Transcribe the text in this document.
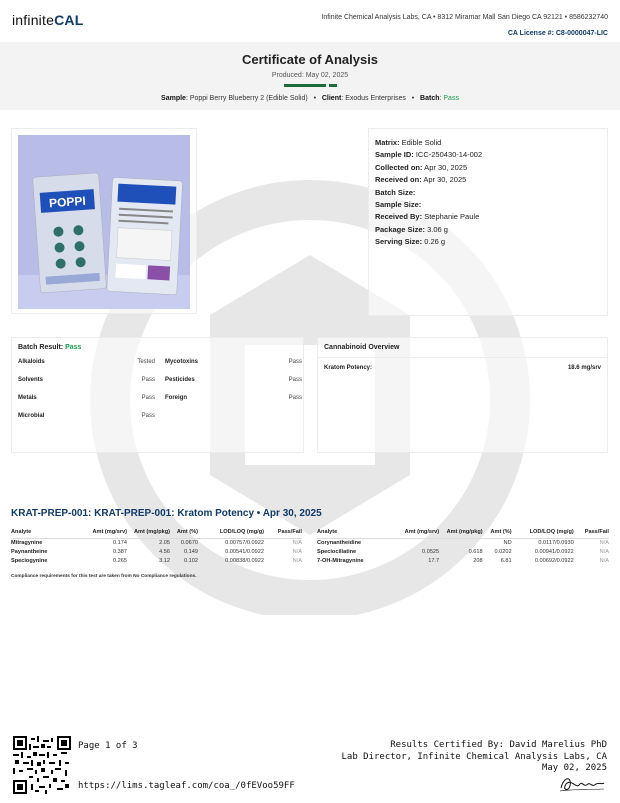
infiniteCAL	Infinite Chemical Analysis Labs, CA • 8312 Miramar Mall San Diego CA 92121 • 8586232740
CA License #: C8-0000047-LIC
Certificate of Analysis
Produced: May 02, 2025
Sample: Poppi Berry Blueberry 2 (Edible Solid) • Client: Exodus Enterprises • Batch: Pass
POPPI
Matrix: Edible Solid
Sample ID: ICC-250430-14-002
Collected on: Apr 30, 2025
Received on: Apr 30, 2025
Batch Size:
Sample Size:
Received By: Stephanie Paule
Package Size: 3.06 g
Serving Size: 0.26 g
Batch Result: Pass
Alkaloids	Tested Mycotoxins	Pass
Solvents	Pass Pesticides	Pass
Metals	Pass Foreign	Pass
Microbial	Pass
Cannabinoid Overview
Kratom Potency:	18.6 mg/srv
KRAT-PREP-001: KRAT-PREP-001: Kratom Potency • Apr 30, 2025
Analyte	Amt (mg/srv)	Amt (mg/pkg)	Amt (%)	LOD/LOQ (mg/g)	Pass/Fail
Mitragynine	0.174	2.05	0.0670	0.00757/0.0922	N/A
Paynantheine	0.387	4.56	0.149	0.00541/0.0922	N/A
Speciogynine	0.265	3.12	0.102	0.00838/0.0922	N/A
Analyte	Amt (mg/srv)	Amt (mg/pkg)	Amt (%)	LOD/LOQ (mg/g)	Pass/Fail
Corynantheidine			ND	0.0117/0.0930	N/A
Speciociliatine	0.0525	0.618	0.0202	0.00941/0.0922	N/A
7-OH-Mitragynine	17.7	208	6.81	0.00692/0.0922	N/A
Compliance requirements for this test are taken from No Compliance regulations.
Page 1 of 3
https://lims.tagleaf.com/coa_/0fEVoo59FF
Results Certified By: David Marelius PhD
Lab Director, Infinite Chemical Analysis Labs, CA
May 02, 2025
